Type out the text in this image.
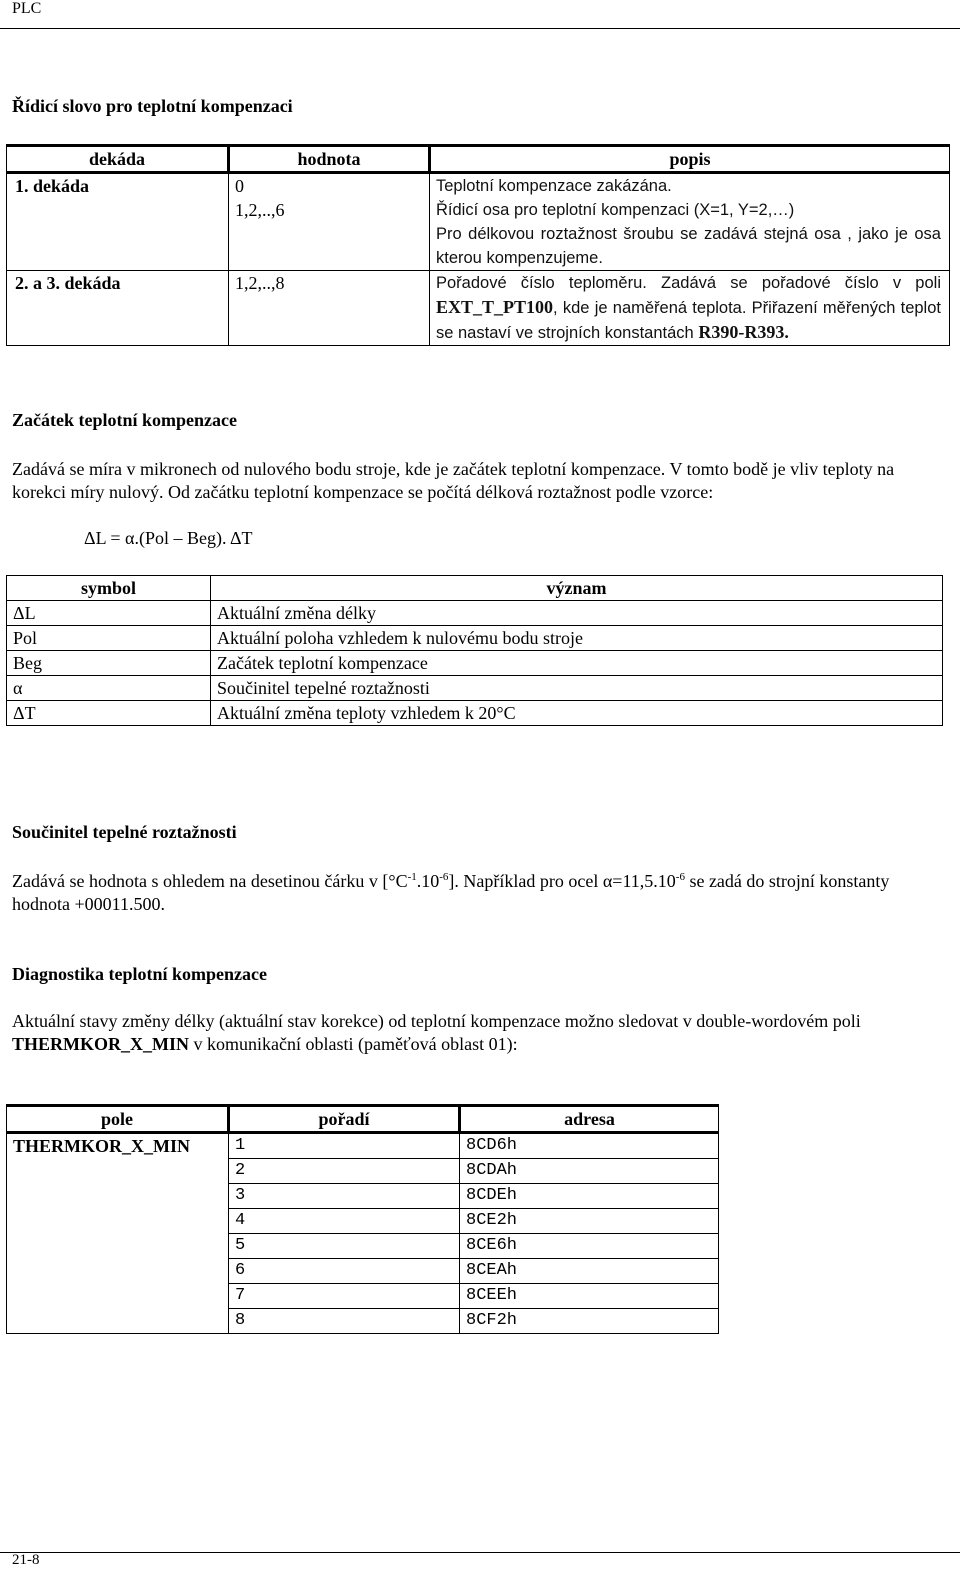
PLC
Řídicí slovo pro teplotní kompenzaci
dekáda	hodnota	popis
1. dekáda	0	Teplotní kompenzace zakázána.
	1,2,..,6	Řídicí osa pro teplotní kompenzaci (X=1, Y=2,…)
		Pro délkovou roztažnost šroubu se zadává stejná osa , jako je osa kterou kompenzujeme.
2. a 3. dekáda	1,2,..,8	Pořadové číslo teploměru. Zadává se pořadové číslo v poli EXT_T_PT100, kde je naměřená teplota. Přiřazení měřených teplot se nastaví ve strojních konstantách R390-R393.
Začátek teplotní kompenzace
Zadává se míra v mikronech od nulového bodu stroje, kde je začátek teplotní kompenzace. V tomto bodě je vliv teploty na korekci míry nulový. Od začátku teplotní kompenzace se počítá délková roztažnost podle vzorce:
ΔL = α.(Pol – Beg). ΔT
symbol	význam
ΔL	Aktuální změna délky
Pol	Aktuální poloha vzhledem k nulovému bodu stroje
Beg	Začátek teplotní kompenzace
α	Součinitel tepelné roztažnosti
ΔT	Aktuální změna teploty vzhledem k 20°C
Součinitel tepelné roztažnosti
Zadává se hodnota s ohledem na desetinou čárku v $[^\circ C^{-1}.10^{-6}]$. Například pro ocel $\alpha=11,5.10^{-6}$ se zadá do strojní konstanty hodnota +00011.500.
Diagnostika teplotní kompenzace
Aktuální stavy změny délky (aktuální stav korekce) od teplotní kompenzace možno sledovat v double-wordovém poli THERMKOR_X_MIN v komunikační oblasti (paměťová oblast 01):
pole	pořadí	adresa
THERMKOR_X_MIN	1	8CD6h
	2	8CDAh
	3	8CDEh
	4	8CE2h
	5	8CE6h
	6	8CEAh
	7	8CEEh
	8	8CF2h
21-8
